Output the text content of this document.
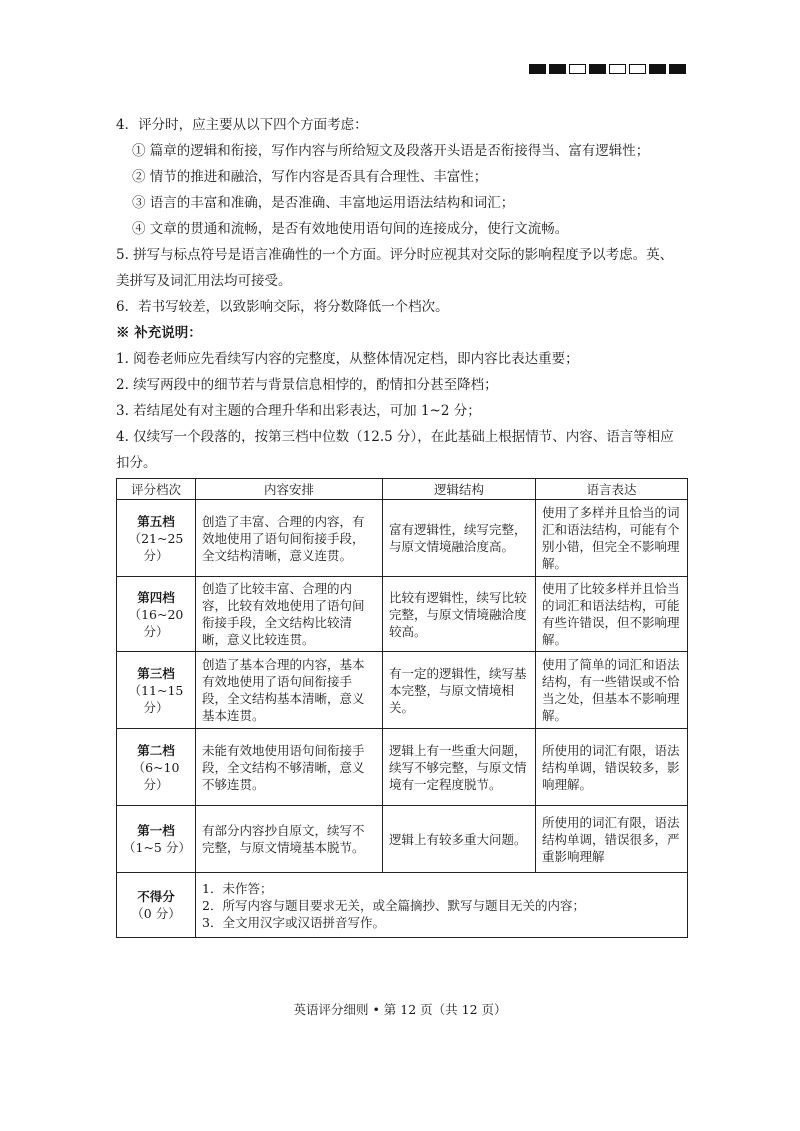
4．评分时，应主要从以下四个方面考虑：
① 篇章的逻辑和衔接，写作内容与所给短文及段落开头语是否衔接得当、富有逻辑性；
② 情节的推进和融洽，写作内容是否具有合理性、丰富性；
③ 语言的丰富和准确，是否准确、丰富地运用语法结构和词汇；
④ 文章的贯通和流畅，是否有效地使用语句间的连接成分，使行文流畅。
5. 拼写与标点符号是语言准确性的一个方面。评分时应视其对交际的影响程度予以考虑。英、
美拼写及词汇用法均可接受。
6．若书写较差，以致影响交际，将分数降低一个档次。
※ 补充说明：
1. 阅卷老师应先看续写内容的完整度，从整体情况定档，即内容比表达重要；
2. 续写两段中的细节若与背景信息相悖的，酌情扣分甚至降档；
3. 若结尾处有对主题的合理升华和出彩表达，可加 1~2 分；
4. 仅续写一个段落的，按第三档中位数（12.5 分），在此基础上根据情节、内容、语言等相应
扣分。
评分档次	内容安排	逻辑结构	语言表达

第五档
（21~25 分）	创造了丰富、合理的内容，有效地使用了语句间衔接手段，全文结构清晰，意义连贯。	富有逻辑性，续写完整，与原文情境融洽度高。	使用了多样并且恰当的词汇和语法结构，可能有个别小错，但完全不影响理解。

第四档
（16~20 分）	创造了比较丰富、合理的内容，比较有效地使用了语句间衔接手段，全文结构比较清晰，意义比较连贯。	比较有逻辑性，续写比较完整，与原文情境融洽度较高。	使用了比较多样并且恰当的词汇和语法结构，可能有些许错误，但不影响理解。

第三档
（11~15 分）	创造了基本合理的内容，基本有效地使用了语句间衔接手段，全文结构基本清晰，意义基本连贯。	有一定的逻辑性，续写基本完整，与原文情境相关。	使用了简单的词汇和语法结构，有一些错误或不恰当之处，但基本不影响理解。

第二档
（6~10 分）	未能有效地使用语句间衔接手段，全文结构不够清晰，意义不够连贯。	逻辑上有一些重大问题，续写不够完整，与原文情境有一定程度脱节。	所使用的词汇有限，语法结构单调，错误较多，影响理解。

第一档
（1~5 分）	有部分内容抄自原文，续写不完整，与原文情境基本脱节。	逻辑上有较多重大问题。	所使用的词汇有限，语法结构单调，错误很多，严重影响理解

不得分
（0 分）	1．未作答；
2．所写内容与题目要求无关，或全篇摘抄、默写与题目无关的内容；
3．全文用汉字或汉语拼音写作。		
英语评分细则 • 第 12 页（共 12 页）
